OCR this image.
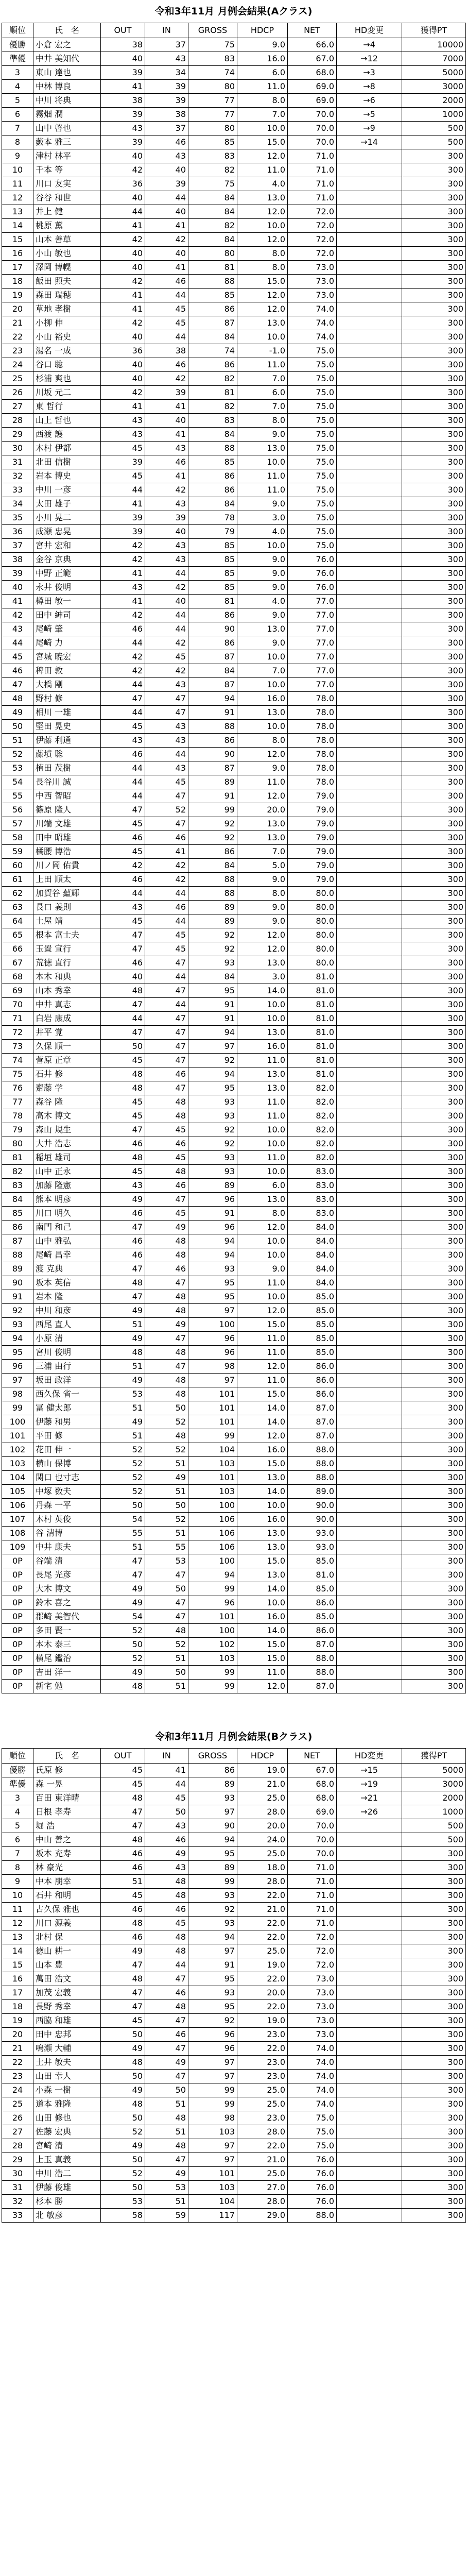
令和3年11月 月例会結果(Aクラス)
順位	氏　名	OUT	IN	GROSS	HDCP	NET	HD変更	獲得PT
優勝	小倉 宏之	38	37	75	9.0	66.0	→4	10000
準優	中井 美知代	40	43	83	16.0	67.0	→12	7000
3	東山 達也	39	34	74	6.0	68.0	→3	5000
4	中林 博良	41	39	80	11.0	69.0	→8	3000
5	中川 将典	38	39	77	8.0	69.0	→6	2000
6	霧畑 潤	39	38	77	7.0	70.0	→5	1000
7	山中 啓也	43	37	80	10.0	70.0	→9	500
8	藪本 雅三	39	46	85	15.0	70.0	→14	500
9	津村 林平	40	43	83	12.0	71.0		300
10	千本 等	42	40	82	11.0	71.0		300
11	川口 友実	36	39	75	4.0	71.0		300
12	谷谷 和世	40	44	84	13.0	71.0		300
13	井上 健	44	40	84	12.0	72.0		300
14	桃原 薫	41	41	82	10.0	72.0		300
15	山本 善草	42	42	84	12.0	72.0		300
16	小山 敏也	40	40	80	8.0	72.0		300
17	澤岡 博幌	40	41	81	8.0	73.0		300
18	飯田 照夫	42	46	88	15.0	73.0		300
19	森田 瑞穂	41	44	85	12.0	73.0		300
20	草地 孝樹	41	45	86	12.0	74.0		300
21	小柳 伸	42	45	87	13.0	74.0		300
22	小山 裕史	40	44	84	10.0	74.0		300
23	湯名 一成	36	38	74	-1.0	75.0		300
24	谷口 聡	40	46	86	11.0	75.0		300
25	杉浦 爽也	40	42	82	7.0	75.0		300
26	川坂 元二	42	39	81	6.0	75.0		300
27	東 哲行	41	41	82	7.0	75.0		300
28	山上 哲也	43	40	83	8.0	75.0		300
29	西渡 護	43	41	84	9.0	75.0		300
30	木村 伊都	45	43	88	13.0	75.0		300
31	北田 信樹	39	46	85	10.0	75.0		300
32	岩本 博史	45	41	86	11.0	75.0		300
33	中川 一彦	44	42	86	11.0	75.0		300
34	太田 雄子	41	43	84	9.0	75.0		300
35	小川 晃二	39	39	78	3.0	75.0		300
36	成瀬 忠晃	39	40	79	4.0	75.0		300
37	宮井 宏和	42	43	85	10.0	75.0		300
38	金谷 京典	42	43	85	9.0	76.0		300
39	中野 正範	41	44	85	9.0	76.0		300
40	永井 俊明	43	42	85	9.0	76.0		300
41	樽田 敏一	41	40	81	4.0	77.0		300
42	田中 紳司	42	44	86	9.0	77.0		300
43	尾崎 肇	46	44	90	13.0	77.0		300
44	尾崎 力	44	42	86	9.0	77.0		300
45	宮城 暁宏	42	45	87	10.0	77.0		300
46	稗田 敦	42	42	84	7.0	77.0		300
47	大橋 剛	44	43	87	10.0	77.0		300
48	野村 修	47	47	94	16.0	78.0		300
49	相川 一雄	44	47	91	13.0	78.0		300
50	堅田 晃史	45	43	88	10.0	78.0		300
51	伊藤 利通	43	43	86	8.0	78.0		300
52	藤墳 聡	46	44	90	12.0	78.0		300
53	植田 茂樹	44	43	87	9.0	78.0		300
54	長谷川 誠	44	45	89	11.0	78.0		300
55	中西 智昭	44	47	91	12.0	79.0		300
56	篠原 隆人	47	52	99	20.0	79.0		300
57	川端 文雄	45	47	92	13.0	79.0		300
58	田中 昭雄	46	46	92	13.0	79.0		300
59	橘腰 博浩	45	41	86	7.0	79.0		300
60	川ノ岡 佑貴	42	42	84	5.0	79.0		300
61	上田 順太	46	42	88	9.0	79.0		300
62	加賀谷 蘊輝	44	44	88	8.0	80.0		300
63	長口 義則	43	46	89	9.0	80.0		300
64	土屋 靖	45	44	89	9.0	80.0		300
65	根本 富士夫	47	45	92	12.0	80.0		300
66	玉置 宣行	47	45	92	12.0	80.0		300
67	荒徳 直行	46	47	93	13.0	80.0		300
68	本木 和典	40	44	84	3.0	81.0		300
69	山本 秀幸	48	47	95	14.0	81.0		300
70	中井 真志	47	44	91	10.0	81.0		300
71	白岩 康成	44	47	91	10.0	81.0		300
72	井平 覚	47	47	94	13.0	81.0		300
73	久保 順一	50	47	97	16.0	81.0		300
74	菅原 正章	45	47	92	11.0	81.0		300
75	石井 修	48	46	94	13.0	81.0		300
76	齋藤 学	48	47	95	13.0	82.0		300
77	森谷 隆	45	48	93	11.0	82.0		300
78	高木 博文	45	48	93	11.0	82.0		300
79	森山 規生	47	45	92	10.0	82.0		300
80	大井 浩志	46	46	92	10.0	82.0		300
81	稲垣 雄司	48	45	93	11.0	82.0		300
82	山中 正永	45	48	93	10.0	83.0		300
83	加藤 隆憲	43	46	89	6.0	83.0		300
84	熊本 明彦	49	47	96	13.0	83.0		300
85	川口 明久	46	45	91	8.0	83.0		300
86	南門 和己	47	49	96	12.0	84.0		300
87	山中 雅弘	46	48	94	10.0	84.0		300
88	尾崎 昌幸	46	48	94	10.0	84.0		300
89	渡 克典	47	46	93	9.0	84.0		300
90	坂本 英信	48	47	95	11.0	84.0		300
91	岩本 隆	47	48	95	10.0	85.0		300
92	中川 和彦	49	48	97	12.0	85.0		300
93	西尾 直人	51	49	100	15.0	85.0		300
94	小原 清	49	47	96	11.0	85.0		300
95	宮川 俊明	48	48	96	11.0	85.0		300
96	三浦 由行	51	47	98	12.0	86.0		300
97	坂田 政洋	49	48	97	11.0	86.0		300
98	西久保 省一	53	48	101	15.0	86.0		300
99	冨 健太郎	51	50	101	14.0	87.0		300
100	伊藤 和男	49	52	101	14.0	87.0		300
101	平田 修	51	48	99	12.0	87.0		300
102	花田 伸一	52	52	104	16.0	88.0		300
103	横山 保博	52	51	103	15.0	88.0		300
104	関口 也寸志	52	49	101	13.0	88.0		300
105	中塚 数夫	52	51	103	14.0	89.0		300
106	丹森 一平	50	50	100	10.0	90.0		300
107	木村 英俊	54	52	106	16.0	90.0		300
108	谷 清博	55	51	106	13.0	93.0		300
109	中井 康夫	51	55	106	13.0	93.0		300
0P	谷端 清	47	53	100	15.0	85.0		300
0P	長尾 光彦	47	47	94	13.0	81.0		300
0P	大木 博文	49	50	99	14.0	85.0		300
0P	鈴木 喜之	49	47	96	10.0	86.0		300
0P	郡崎 美智代	54	47	101	16.0	85.0		300
0P	多田 賢一	52	48	100	14.0	86.0		300
0P	本木 泰三	50	52	102	15.0	87.0		300
0P	横尾 鑑治	52	51	103	15.0	88.0		300
0P	吉田 洋一	49	50	99	11.0	88.0		300
0P	新宅 勉	48	51	99	12.0	87.0		300
令和3年11月 月例会結果(Bクラス)
順位	氏　名	OUT	IN	GROSS	HDCP	NET	HD変更	獲得PT
優勝	氏原 修	45	41	86	19.0	67.0	→15	5000
準優	森 一晃	45	44	89	21.0	68.0	→19	3000
3	百田 東洋晴	48	45	93	25.0	68.0	→21	2000
4	日根 孝寿	47	50	97	28.0	69.0	→26	1000
5	堀 浩	47	43	90	20.0	70.0		500
6	中山 善之	48	46	94	24.0	70.0		500
7	坂本 充寿	46	49	95	25.0	70.0		300
8	林 豪光	46	43	89	18.0	71.0		300
9	中本 朋幸	51	48	99	28.0	71.0		300
10	石井 和明	45	48	93	22.0	71.0		300
11	古久保 雅也	46	46	92	21.0	71.0		300
12	川口 源義	48	45	93	22.0	71.0		300
13	北村 保	46	48	94	22.0	72.0		300
14	徳山 耕一	49	48	97	25.0	72.0		300
15	山本 豊	47	44	91	19.0	72.0		300
16	萬田 浩文	48	47	95	22.0	73.0		300
17	加茂 宏義	47	46	93	20.0	73.0		300
18	長野 秀幸	47	48	95	22.0	73.0		300
19	西脇 和雄	45	47	92	19.0	73.0		300
20	田中 忠邦	50	46	96	23.0	73.0		300
21	鳴瀬 大輔	49	47	96	22.0	74.0		300
22	土井 敏夫	48	49	97	23.0	74.0		300
23	山田 幸人	50	47	97	23.0	74.0		300
24	小森 一樹	49	50	99	25.0	74.0		300
25	道本 雅隆	48	51	99	25.0	74.0		300
26	山田 修也	50	48	98	23.0	75.0		300
27	佐藤 宏典	52	51	103	28.0	75.0		300
28	宮崎 清	49	48	97	22.0	75.0		300
29	上玉 真義	50	47	97	21.0	76.0		300
30	中川 浩二	52	49	101	25.0	76.0		300
31	伊藤 俊雄	50	53	103	27.0	76.0		300
32	杉本 勝	53	51	104	28.0	76.0		300
33	北 敏彦	58	59	117	29.0	88.0		300
